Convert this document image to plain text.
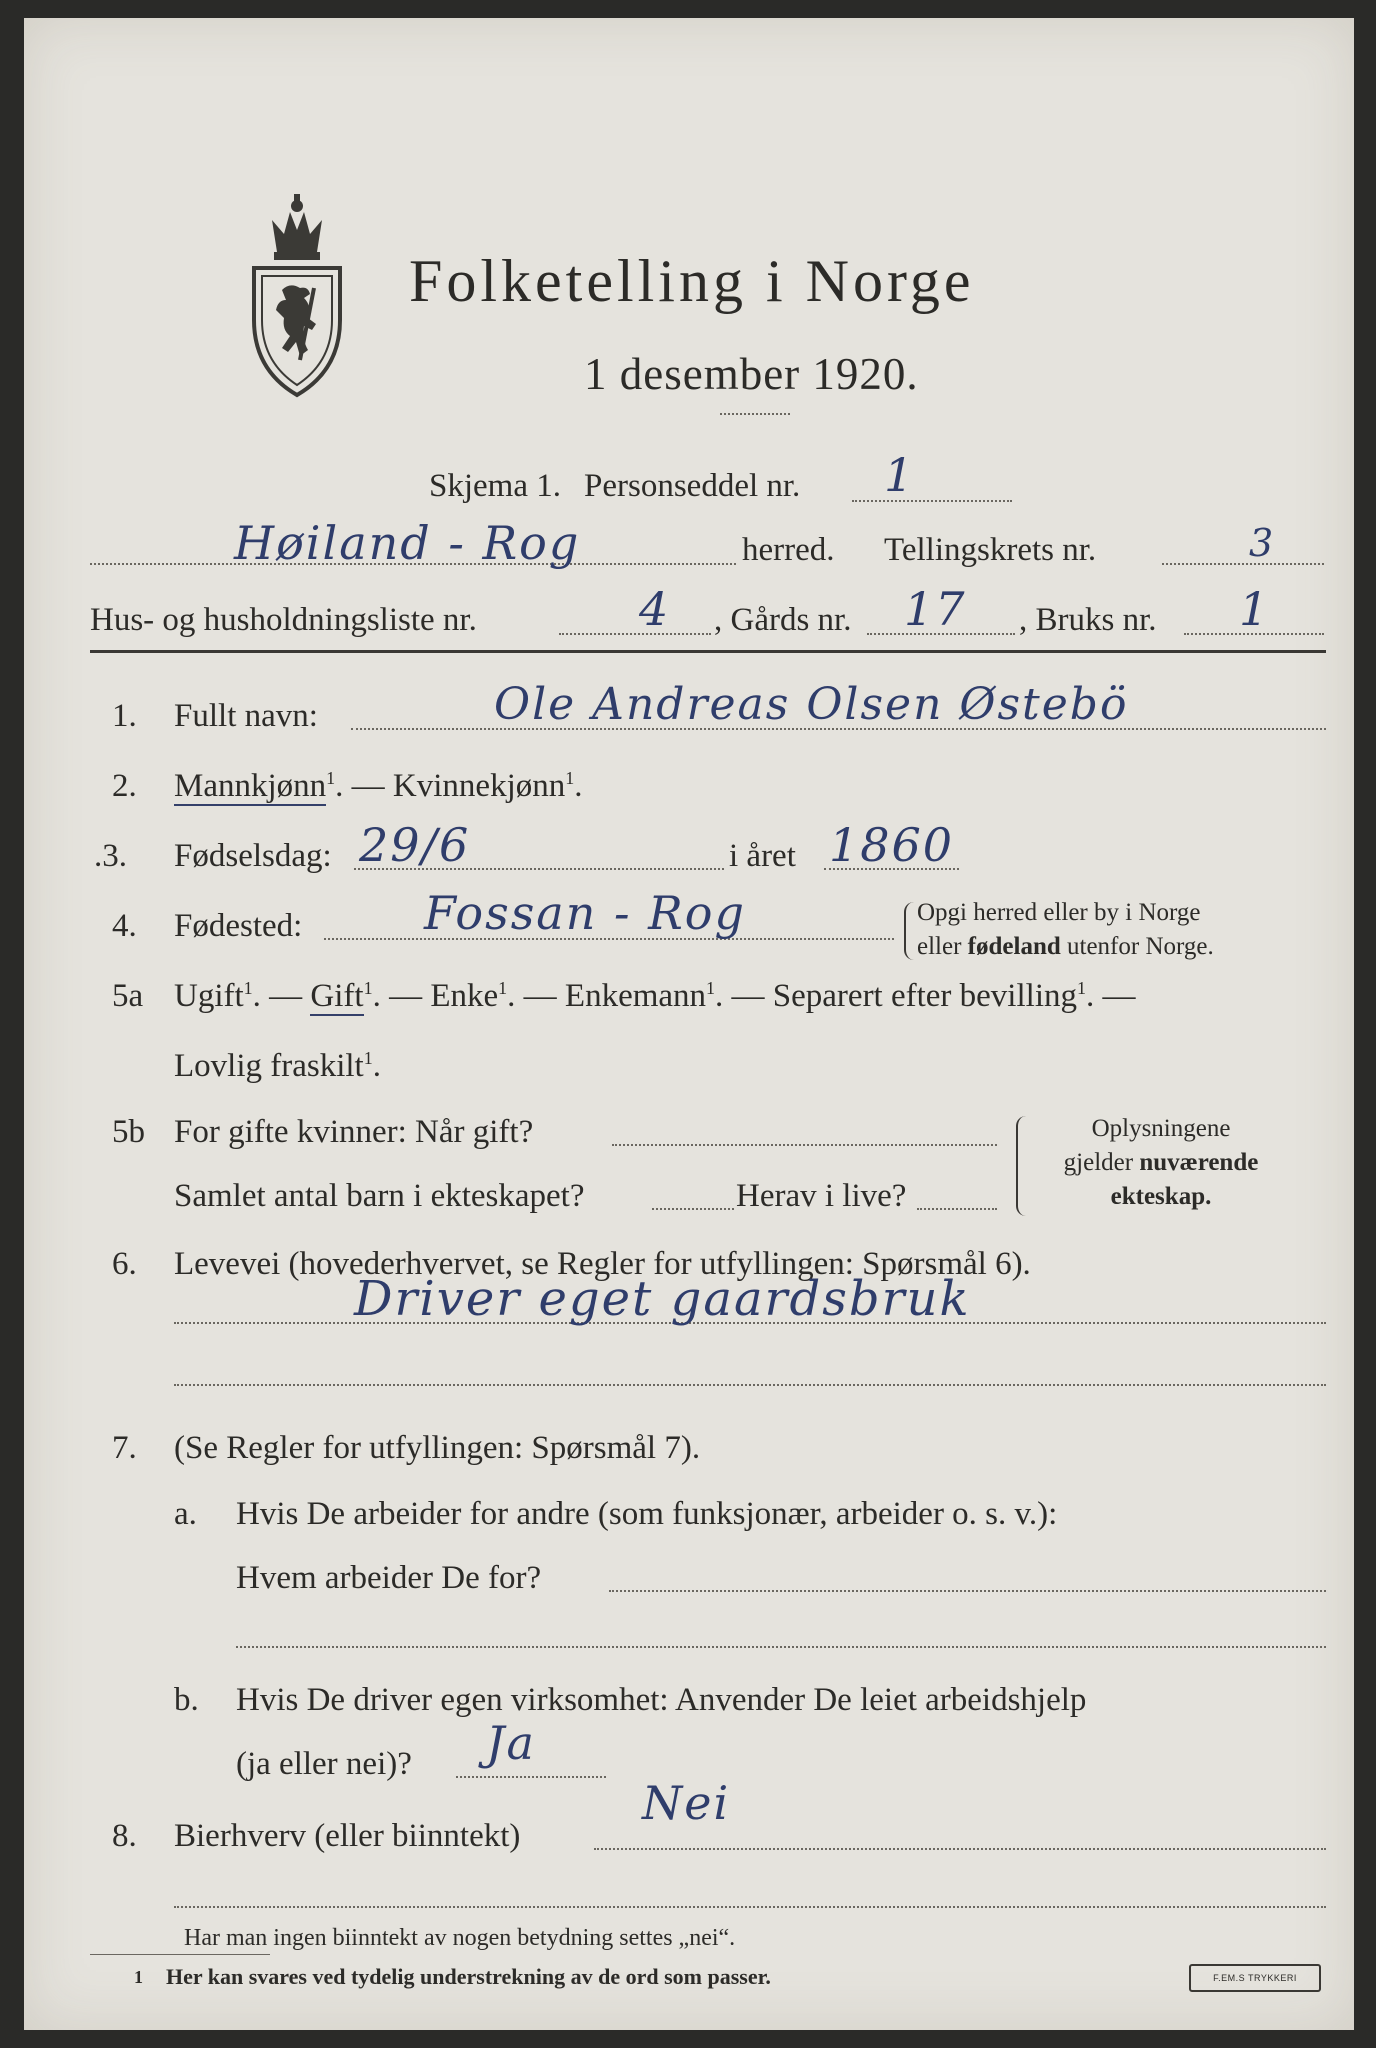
Folketelling i Norge
1 desember 1920.
Skjema 1. Personseddel nr. 1
Høiland - Rog	herred. Tellingskrets nr.	3
Hus- og husholdningsliste nr.	4 , Gårds nr. 17 , Bruks nr. 1
1. Fullt navn:	Ole Andreas Olsen Østebö
2. Mannkjønn$^1$. — Kvinnekjønn$^1$.
.3. Fødselsdag: 29/6	i året 1860
4. Fødested:	Fossan - Rog	Opgi herred eller by i Norge
eller fødeland utenfor Norge.
5a Ugift$^1$. — Gift$^1$. — Enke$^1$. — Enkemann$^1$. — Separert efter bevilling$^1$. —
Lovlig fraskilt$^1$.
5b For gifte kvinner: Når gift?
Samlet antal barn i ekteskapet?	Herav i live?
Oplysningene
gjelder nuværende
ekteskap.
6. Levevei (hovederhvervet, se Regler for utfyllingen: Spørsmål 6).
Driver eget gaardsbruk
7. (Se Regler for utfyllingen: Spørsmål 7).
a. Hvis De arbeider for andre (som funksjonær, arbeider o. s. v.):
Hvem arbeider De for?
b. Hvis De driver egen virksomhet: Anvender De leiet arbeidshjelp
(ja eller nei)? Ja
8. Bierhverv (eller biinntekt)
Nei
Har man ingen biinntekt av nogen betydning settes „nei“.
1 Her kan svares ved tydelig understrekning av de ord som passer.	F.EM.S TRYKKERI
